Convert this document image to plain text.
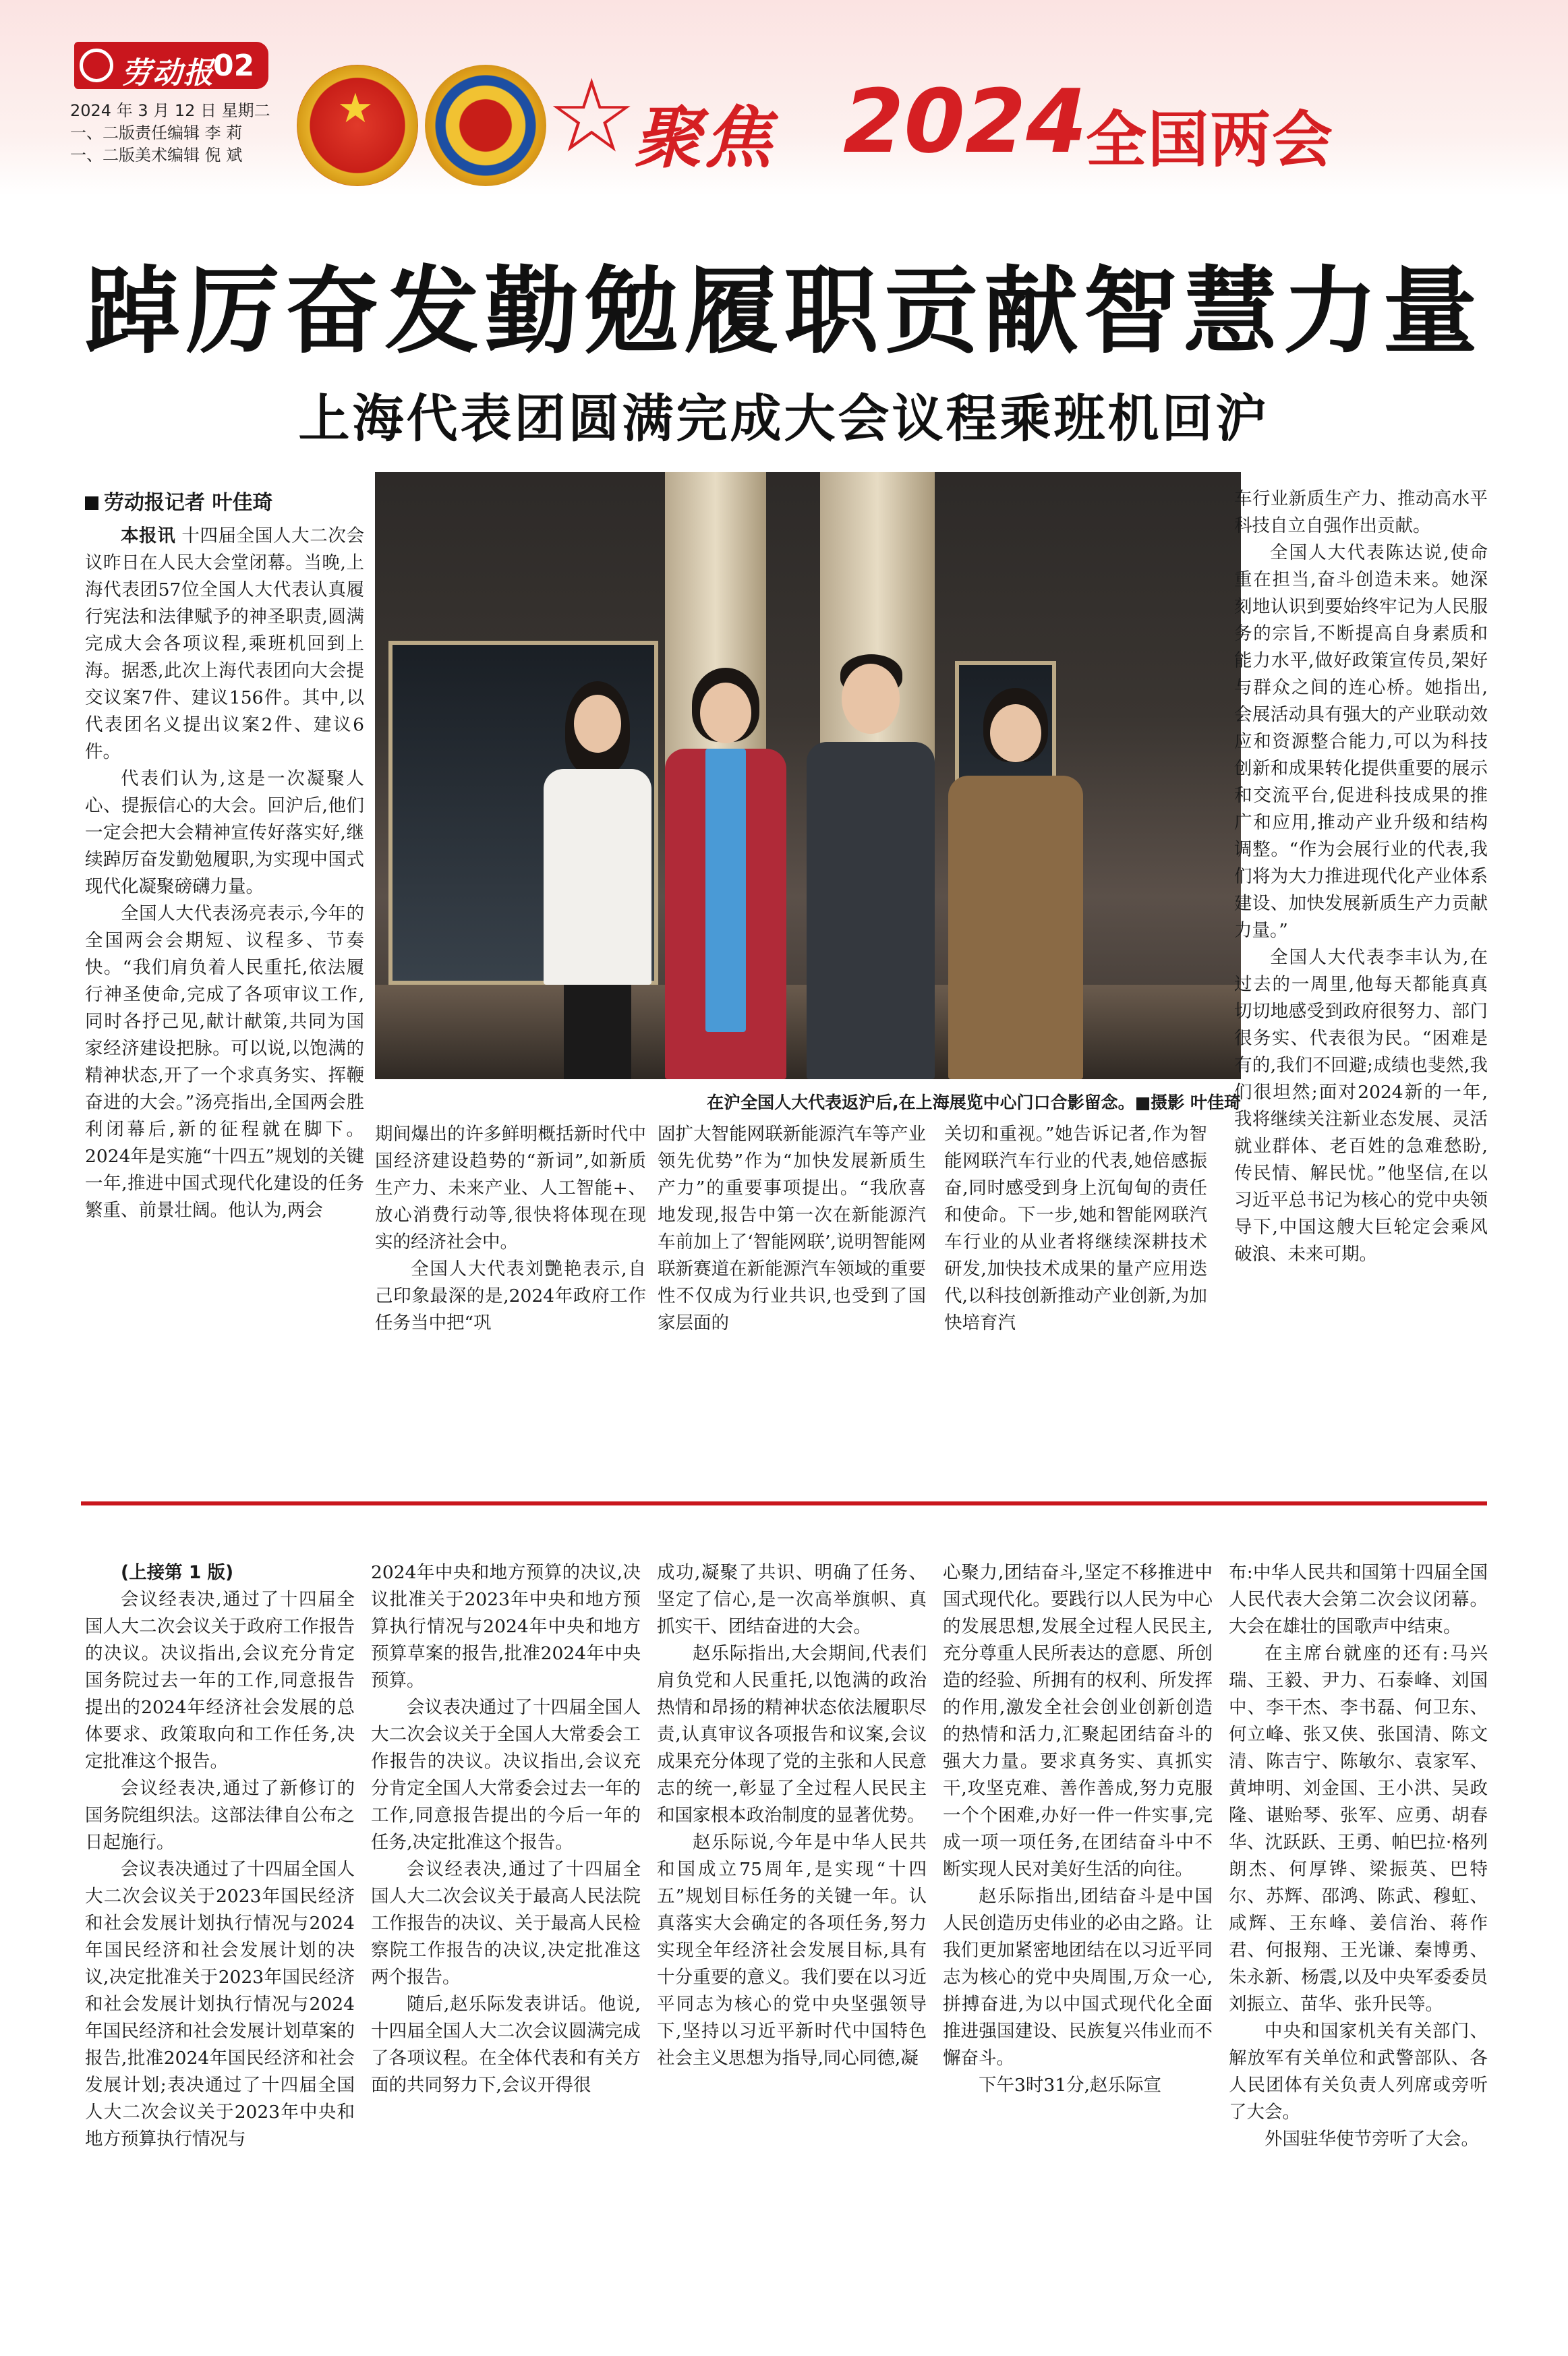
劳动报
02
2024 年 3 月 12 日 星期二
一、二版责任编辑 李 莉
一、二版美术编辑 倪 斌
★ ☆
聚焦 2024
全国两会
踔厉奋发勤勉履职贡献智慧力量
上海代表团圆满完成大会议程乘班机回沪
劳动报记者 叶佳琦
在沪全国人大代表返沪后,在上海展览中心门口合影留念。■摄影 叶佳琦

本报讯 十四届全国人大二次会议昨日在人民大会堂闭幕。当晚,上海代表团57位全国人大代表认真履行宪法和法律赋予的神圣职责,圆满完成大会各项议程,乘班机回到上海。据悉,此次上海代表团向大会提交议案7件、建议156件。其中,以代表团名义提出议案2件、建议6件。

代表们认为,这是一次凝聚人心、提振信心的大会。回沪后,他们一定会把大会精神宣传好落实好,继续踔厉奋发勤勉履职,为实现中国式现代化凝聚磅礴力量。

全国人大代表汤亮表示,今年的全国两会会期短、议程多、节奏快。“我们肩负着人民重托,依法履行神圣使命,完成了各项审议工作,同时各抒己见,献计献策,共同为国家经济建设把脉。可以说,以饱满的精神状态,开了一个求真务实、挥鞭奋进的大会。”汤亮指出,全国两会胜利闭幕后,新的征程就在脚下。2024年是实施“十四五”规划的关键一年,推进中国式现代化建设的任务繁重、前景壮阔。他认为,两会

期间爆出的许多鲜明概括新时代中国经济建设趋势的“新词”,如新质生产力、未来产业、人工智能+、放心消费行动等,很快将体现在现实的经济社会中。

全国人大代表刘艷艳表示,自己印象最深的是,2024年政府工作任务当中把“巩

固扩大智能网联新能源汽车等产业领先优势”作为“加快发展新质生产力”的重要事项提出。“我欣喜地发现,报告中第一次在新能源汽车前加上了‘智能网联’,说明智能网联新赛道在新能源汽车领域的重要性不仅成为行业共识,也受到了国家层面的

关切和重视。”她告诉记者,作为智能网联汽车行业的代表,她倍感振奋,同时感受到身上沉甸甸的责任和使命。下一步,她和智能网联汽车行业的从业者将继续深耕技术研发,加快技术成果的量产应用迭代,以科技创新推动产业创新,为加快培育汽

车行业新质生产力、推动高水平科技自立自强作出贡献。

全国人大代表陈达说,使命重在担当,奋斗创造未来。她深刻地认识到要始终牢记为人民服务的宗旨,不断提高自身素质和能力水平,做好政策宣传员,架好与群众之间的连心桥。她指出,会展活动具有强大的产业联动效应和资源整合能力,可以为科技创新和成果转化提供重要的展示和交流平台,促进科技成果的推广和应用,推动产业升级和结构调整。“作为会展行业的代表,我们将为大力推进现代化产业体系建设、加快发展新质生产力贡献力量。”

全国人大代表李丰认为,在过去的一周里,他每天都能真真切切地感受到政府很努力、部门很务实、代表很为民。“困难是有的,我们不回避;成绩也斐然,我们很坦然;面对2024新的一年,我将继续关注新业态发展、灵活就业群体、老百姓的急难愁盼,传民情、解民忧。”他坚信,在以习近平总书记为核心的党中央领导下,中国这艘大巨轮定会乘风破浪、未来可期。

(上接第 1 版)

会议经表决,通过了十四届全国人大二次会议关于政府工作报告的决议。决议指出,会议充分肯定国务院过去一年的工作,同意报告提出的2024年经济社会发展的总体要求、政策取向和工作任务,决定批准这个报告。

会议经表决,通过了新修订的国务院组织法。这部法律自公布之日起施行。

会议表决通过了十四届全国人大二次会议关于2023年国民经济和社会发展计划执行情况与2024年国民经济和社会发展计划的决议,决定批准关于2023年国民经济和社会发展计划执行情况与2024年国民经济和社会发展计划草案的报告,批准2024年国民经济和社会发展计划;表决通过了十四届全国人大二次会议关于2023年中央和地方预算执行情况与

2024年中央和地方预算的决议,决议批准关于2023年中央和地方预算执行情况与2024年中央和地方预算草案的报告,批准2024年中央预算。

会议表决通过了十四届全国人大二次会议关于全国人大常委会工作报告的决议。决议指出,会议充分肯定全国人大常委会过去一年的工作,同意报告提出的今后一年的任务,决定批准这个报告。

会议经表决,通过了十四届全国人大二次会议关于最高人民法院工作报告的决议、关于最高人民检察院工作报告的决议,决定批准这两个报告。

随后,赵乐际发表讲话。他说,十四届全国人大二次会议圆满完成了各项议程。在全体代表和有关方面的共同努力下,会议开得很

成功,凝聚了共识、明确了任务、坚定了信心,是一次高举旗帜、真抓实干、团结奋进的大会。

赵乐际指出,大会期间,代表们肩负党和人民重托,以饱满的政治热情和昂扬的精神状态依法履职尽责,认真审议各项报告和议案,会议成果充分体现了党的主张和人民意志的统一,彰显了全过程人民民主和国家根本政治制度的显著优势。

赵乐际说,今年是中华人民共和国成立75周年,是实现“十四五”规划目标任务的关键一年。认真落实大会确定的各项任务,努力实现全年经济社会发展目标,具有十分重要的意义。我们要在以习近平同志为核心的党中央坚强领导下,坚持以习近平新时代中国特色社会主义思想为指导,同心同德,凝

心聚力,团结奋斗,坚定不移推进中国式现代化。要践行以人民为中心的发展思想,发展全过程人民民主,充分尊重人民所表达的意愿、所创造的经验、所拥有的权利、所发挥的作用,激发全社会创业创新创造的热情和活力,汇聚起团结奋斗的强大力量。要求真务实、真抓实干,攻坚克难、善作善成,努力克服一个个困难,办好一件一件实事,完成一项一项任务,在团结奋斗中不断实现人民对美好生活的向往。

赵乐际指出,团结奋斗是中国人民创造历史伟业的必由之路。让我们更加紧密地团结在以习近平同志为核心的党中央周围,万众一心,拼搏奋进,为以中国式现代化全面推进强国建设、民族复兴伟业而不懈奋斗。

下午3时31分,赵乐际宣

布:中华人民共和国第十四届全国人民代表大会第二次会议闭幕。大会在雄壮的国歌声中结束。

在主席台就座的还有:马兴瑞、王毅、尹力、石泰峰、刘国中、李干杰、李书磊、何卫东、何立峰、张又侠、张国清、陈文清、陈吉宁、陈敏尔、袁家军、黄坤明、刘金国、王小洪、吴政隆、谌贻琴、张军、应勇、胡春华、沈跃跃、王勇、帕巴拉·格列朗杰、何厚铧、梁振英、巴特尔、苏辉、邵鸿、陈武、穆虹、咸辉、王东峰、姜信治、蒋作君、何报翔、王光谦、秦博勇、朱永新、杨震,以及中央军委委员刘振立、苗华、张升民等。

中央和国家机关有关部门、解放军有关单位和武警部队、各人民团体有关负责人列席或旁听了大会。

外国驻华使节旁听了大会。
